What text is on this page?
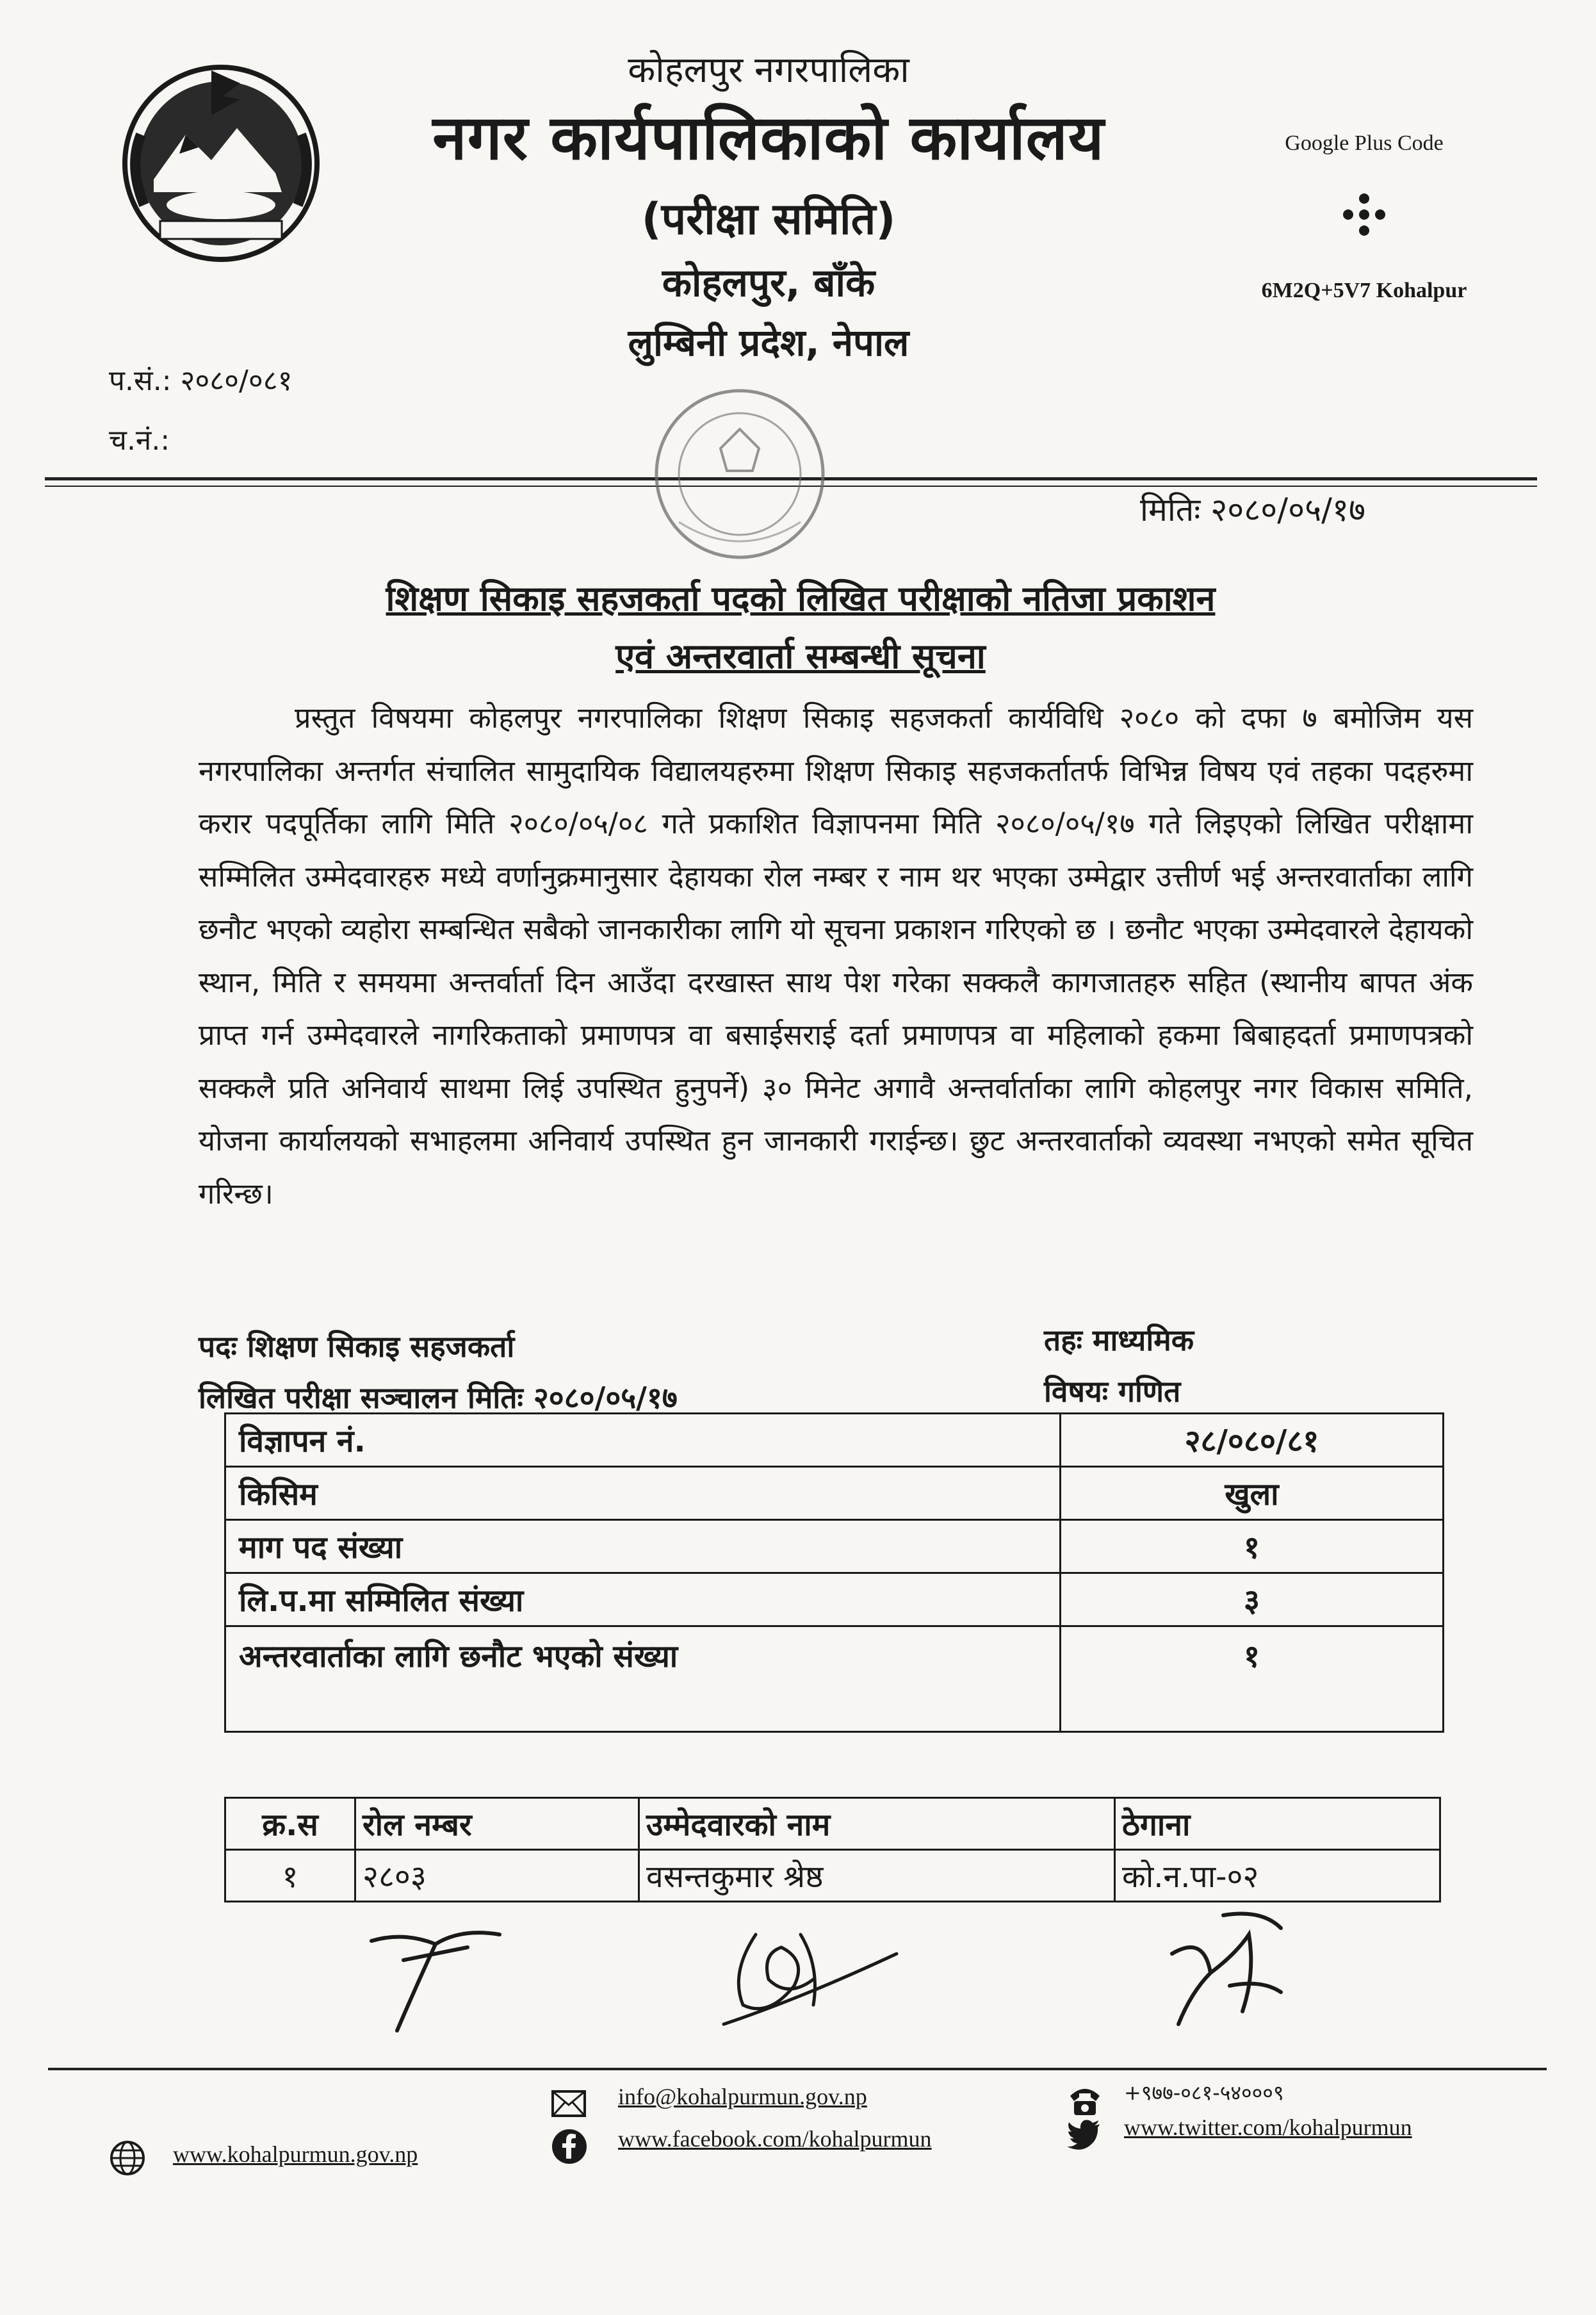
कोहलपुर नगरपालिका
नगर कार्यपालिकाको कार्यालय
(परीक्षा समिति)
कोहलपुर, बाँके
लुम्बिनी प्रदेश, नेपाल
Google Plus Code
6M2Q+5V7 Kohalpur
प.सं.: २०८०/०८१
च.नं.:
मितिः २०८०/०५/१७
शिक्षण सिकाइ सहजकर्ता पदको लिखित परीक्षाको नतिजा प्रकाशन
एवं अन्तरवार्ता सम्बन्धी सूचना
प्रस्तुत विषयमा कोहलपुर नगरपालिका शिक्षण सिकाइ सहजकर्ता कार्यविधि २०८० को दफा ७ बमोजिम यस नगरपालिका अन्तर्गत संचालित सामुदायिक विद्यालयहरुमा शिक्षण सिकाइ सहजकर्तातर्फ विभिन्न विषय एवं तहका पदहरुमा करार पदपूर्तिका लागि मिति २०८०/०५/०८ गते प्रकाशित विज्ञापनमा मिति २०८०/०५/१७ गते लिइएको लिखित परीक्षामा सम्मिलित उम्मेदवारहरु मध्ये वर्णानुक्रमानुसार देहायका रोल नम्बर र नाम थर भएका उम्मेद्वार उत्तीर्ण भई अन्तरवार्ताका लागि छनौट भएको व्यहोरा सम्बन्धित सबैको जानकारीका लागि यो सूचना प्रकाशन गरिएको छ । छनौट भएका उम्मेदवारले देहायको स्थान, मिति र समयमा अन्तर्वार्ता दिन आउँदा दरखास्त साथ पेश गरेका सक्कलै कागजातहरु सहित (स्थानीय बापत अंक प्राप्त गर्न उम्मेदवारले नागरिकताको प्रमाणपत्र वा बसाईसराई दर्ता प्रमाणपत्र वा महिलाको हकमा बिबाहदर्ता प्रमाणपत्रको सक्कलै प्रति अनिवार्य साथमा लिई उपस्थित हुनुपर्ने) ३० मिनेट अगावै अन्तर्वार्ताका लागि कोहलपुर नगर विकास समिति, योजना कार्यालयको सभाहलमा अनिवार्य उपस्थित हुन जानकारी गराईन्छ। छुट अन्तरवार्ताको व्यवस्था नभएको समेत सूचित गरिन्छ।
पदः शिक्षण सिकाइ सहजकर्ता
लिखित परीक्षा सञ्चालन मितिः २०८०/०५/१७
तहः माध्यमिक
विषयः गणित
विज्ञापन नं.	२८/०८०/८१
किसिम	खुला
माग पद संख्या	१
लि.प.मा सम्मिलित संख्या	३
अन्तरवार्ताका लागि छनौट भएको संख्या	१
क्र.स	रोल नम्बर	उम्मेदवारको नाम	ठेगाना
१	२८०३	वसन्तकुमार श्रेष्ठ	को.न.पा-०२
info@kohalpurmun.gov.np	+९७७-०८१-५४०००९
www.kohalpurmun.gov.np
www.facebook.com/kohalpurmun	www.twitter.com/kohalpurmun
